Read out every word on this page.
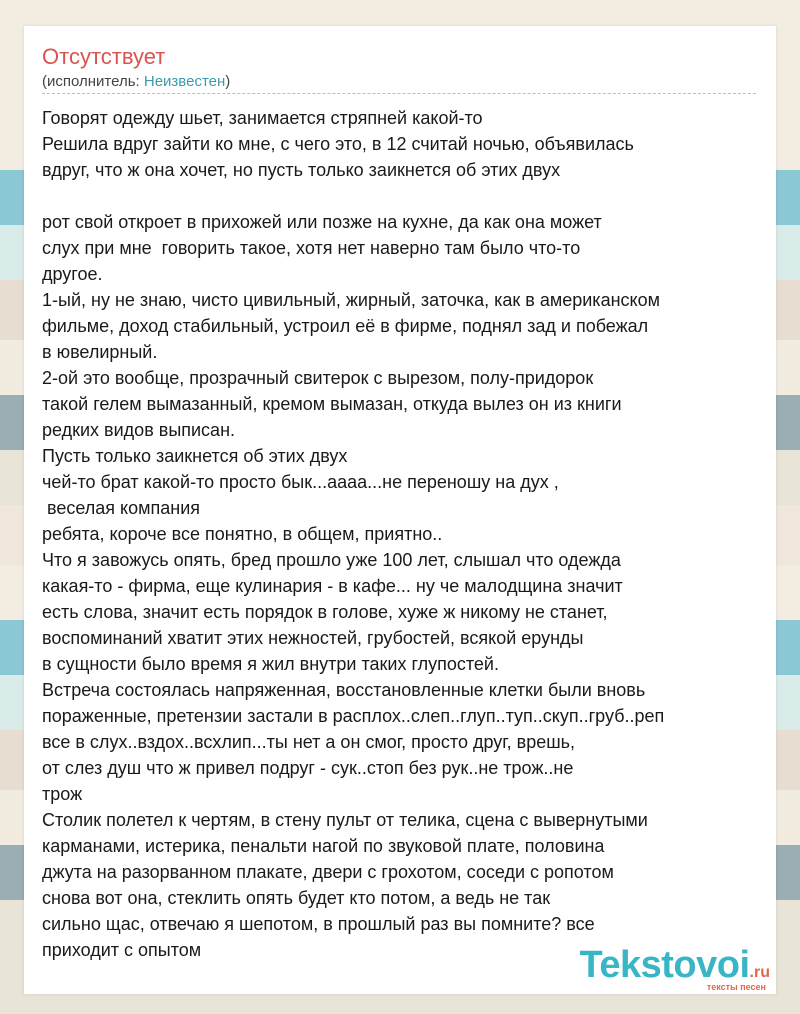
Отсутствует
(исполнитель: Неизвестен)
Говорят одежду шьет, занимается стряпней какой-то
Решила вдруг зайти ко мне, с чего это, в 12 считай ночью, объявилась
вдруг, что ж она хочет, но пусть только заикнется об этих двух
рот свой откроет в прихожей или позже на кухне, да как она может
слух при мне  говорить такое, хотя нет наверно там было что-то
другое.
1-ый, ну не знаю, чисто цивильный, жирный, заточка, как в американском
фильме, доход стабильный, устроил её в фирме, поднял зад и побежал
в ювелирный.
2-ой это вообще, прозрачный свитерок с вырезом, полу-придорок
такой гелем вымазанный, кремом вымазан, откуда вылез он из книги
редких видов выписан.
Пусть только заикнется об этих двух
чей-то брат какой-то просто бык...аааа...не переношу на дух ,
веселая компания
ребята, короче все понятно, в общем, приятно..
Что я завожусь опять, бред прошло уже 100 лет, слышал что одежда
какая-то - фирма, еще кулинария - в кафе... ну че малодщина значит
есть слова, значит есть порядок в голове, хуже ж никому не станет,
воспоминаний хватит этих нежностей, грубостей, всякой ерунды
в сущности было время я жил внутри таких глупостей.
Встреча состоялась напряженная, восстановленные клетки были вновь
пораженные, претензии застали в расплох..слеп..глуп..туп..скуп..груб..реп
все в слух..вздох..всхлип...ты нет а он смог, просто друг, врешь,
от слез душ что ж привел подруг - сук..стоп без рук..не трож..не
трож
Столик полетел к чертям, в стену пульт от телика, сцена с вывернутыми
карманами, истерика, пенальти нагой по звуковой плате, половина
джута на разорванном плакате, двери с грохотом, соседи с ропотом
снова вот она, стеклить опять будет кто потом, а ведь не так
сильно щас, отвечаю я шепотом, в прошлый раз вы помните? все
приходит с опытом	Tekstovoi.ru
тексты песен
